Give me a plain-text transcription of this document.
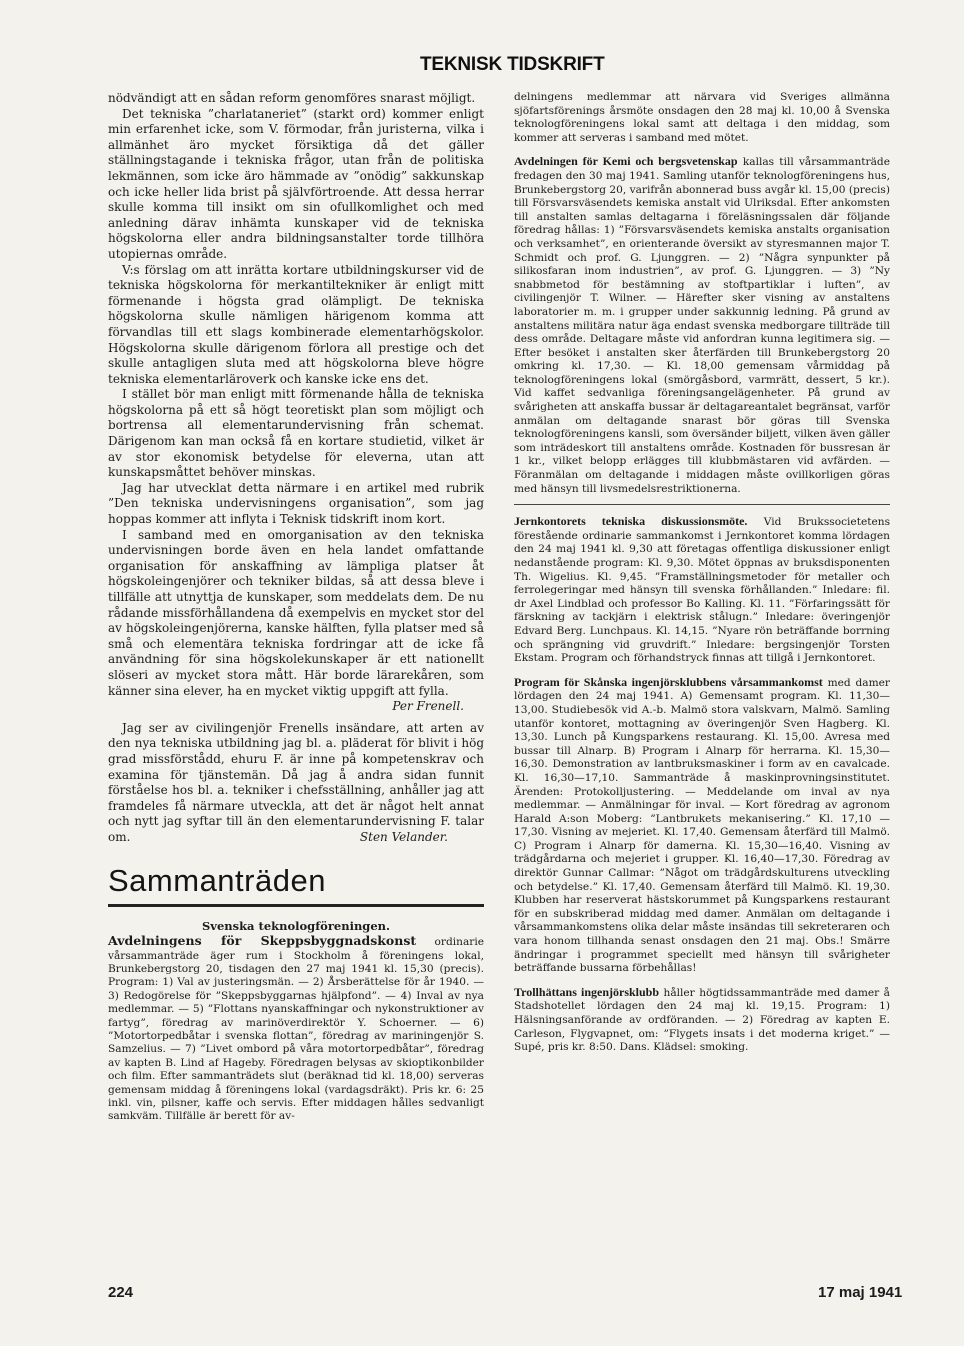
TEKNISK TIDSKRIFT

nödvändigt att en sådan reform genomföres snarast möjligt.

Det tekniska ”charlataneriet” (starkt ord) kommer enligt min erfarenhet icke, som V. förmodar, från juristerna, vilka i allmänhet äro mycket försiktiga då det gäller ställningstagande i tekniska frågor, utan från de politiska lekmännen, som icke äro hämmade av ”onödig” sakkunskap och icke heller lida brist på självförtroende. Att dessa herrar skulle komma till insikt om sin ofullkomlighet och med anledning därav inhämta kunskaper vid de tekniska högskolorna eller andra bildningsanstalter torde tillhöra utopiernas område.

V:s förslag om att inrätta kortare utbildningskurser vid de tekniska högskolorna för merkantiltekniker är enligt mitt förmenande i högsta grad olämpligt. De tekniska högskolorna skulle nämligen härigenom komma att förvandlas till ett slags kombinerade elementarhögskolor. Högskolorna skulle därigenom förlora all prestige och det skulle antagligen sluta med att högskolorna bleve högre tekniska elementarläroverk och kanske icke ens det.

I stället bör man enligt mitt förmenande hålla de tekniska högskolorna på ett så högt teoretiskt plan som möjligt och bortrensa all elementarundervisning från schemat. Därigenom kan man också få en kortare studietid, vilket är av stor ekonomisk betydelse för eleverna, utan att kunskapsmåttet behöver minskas.

Jag har utvecklat detta närmare i en artikel med rubrik ”Den tekniska undervisningens organisation”, som jag hoppas kommer att inflyta i Teknisk tidskrift inom kort.

I samband med en omorganisation av den tekniska undervisningen borde även en hela landet omfattande organisation för anskaffning av lämpliga platser åt högskoleingenjörer och tekniker bildas, så att dessa bleve i tillfälle att utnyttja de kunskaper, som meddelats dem. De nu rådande missförhållandena då exempelvis en mycket stor del av högskoleingenjörerna, kanske hälften, fylla platser med så små och elementära tekniska fordringar att de icke få användning för sina högskolekunskaper är ett nationellt slöseri av mycket stora mått. Här borde lärarekåren, som känner sina elever, ha en mycket viktig uppgift att fylla.

Per Frenell.

Jag ser av civilingenjör Frenells insändare, att arten av den nya tekniska utbildning jag bl. a. pläderat för blivit i hög grad missförstådd, ehuru F. är inne på kompetenskrav och examina för tjänstemän. Då jag å andra sidan funnit förståelse hos bl. a. tekniker i chefsställning, anhåller jag att framdeles få närmare utveckla, att det är något helt annat och nytt jag syftar till än den elementarundervisning F. talar om.	Sten Velander.

Sammanträden
Svenska teknologföreningen.

Avdelningens för Skeppsbyggnadskonst ordinarie vårsammanträde äger rum i Stockholm å föreningens lokal, Brunkebergstorg 20, tisdagen den 27 maj 1941 kl. 15,30 (precis). Program: 1) Val av justeringsmän. — 2) Årsberättelse för år 1940. — 3) Redogörelse för ”Skeppsbyggarnas hjälpfond”. — 4) Inval av nya medlemmar. — 5) ”Flottans nyanskaffningar och nykonstruktioner av fartyg”, föredrag av marinöverdirektör Y. Schoerner. — 6) ”Motortorpedbåtar i svenska flottan”, föredrag av mariningenjör S. Samzelius. — 7) ”Livet ombord på våra motortorpedbåtar”, föredrag av kapten B. Lind af Hageby. Föredragen belysas av skioptikonbilder och film. Efter sammanträdets slut (beräknad tid kl. 18,00) serveras gemensam middag å föreningens lokal (vardagsdräkt). Pris kr. 6: 25 inkl. vin, pilsner, kaffe och servis. Efter middagen hålles sedvanligt samkväm. Tillfälle är berett för av-

delningens medlemmar att närvara vid Sveriges allmänna sjöfartsförenings årsmöte onsdagen den 28 maj kl. 10,00 å Svenska teknologföreningens lokal samt att deltaga i den middag, som kommer att serveras i samband med mötet.

Avdelningen för Kemi och bergsvetenskap kallas till vårsammanträde fredagen den 30 maj 1941. Samling utanför teknologföreningens hus, Brunkebergstorg 20, varifrån abonnerad buss avgår kl. 15,00 (precis) till Försvarsväsendets kemiska anstalt vid Ulriksdal. Efter ankomsten till anstalten samlas deltagarna i föreläsningssalen där följande föredrag hållas: 1) ”Försvarsväsendets kemiska anstalts organisation och verksamhet”, en orienterande översikt av styresmannen major T. Schmidt och prof. G. Ljunggren. — 2) ”Några synpunkter på silikosfaran inom industrien”, av prof. G. Ljunggren. — 3) ”Ny snabbmetod för bestämning av stoftpartiklar i luften”, av civilingenjör T. Wilner. — Härefter sker visning av anstaltens laboratorier m. m. i grupper under sakkunnig ledning. På grund av anstaltens militära natur äga endast svenska medborgare tillträde till dess område. Deltagare måste vid anfordran kunna legitimera sig. — Efter besöket i anstalten sker återfärden till Brunkebergstorg 20 omkring kl. 17,30. — Kl. 18,00 gemensam vårmiddag på teknologföreningens lokal (smörgåsbord, varmrätt, dessert, 5 kr.). Vid kaffet sedvanliga föreningsangelägenheter. På grund av svårigheten att anskaffa bussar är deltagareantalet begränsat, varför anmälan om deltagande snarast bör göras till Svenska teknologföreningens kansli, som översänder biljett, vilken även gäller som inträdeskort till anstaltens område. Kostnaden för bussresan är 1 kr., vilket belopp erlägges till klubbmästaren vid avfärden. — Föranmälan om deltagande i middagen måste ovillkorligen göras med hänsyn till livsmedelsrestriktionerna.

Jernkontorets tekniska diskussionsmöte. Vid Brukssocietetens förestående ordinarie sammankomst i Jernkontoret komma lördagen den 24 maj 1941 kl. 9,30 att företagas offentliga diskussioner enligt nedanstående program: Kl. 9,30. Mötet öppnas av bruksdisponenten Th. Wigelius. Kl. 9,45. ”Framställningsmetoder för metaller och ferrolegeringar med hänsyn till svenska förhållanden.” Inledare: fil. dr Axel Lindblad och professor Bo Kalling. Kl. 11. ”Förfaringssätt för färskning av tackjärn i elektrisk stålugn.” Inledare: överingenjör Edvard Berg. Lunchpaus. Kl. 14,15. ”Nyare rön beträffande borrning och sprängning vid gruvdrift.” Inledare: bergsingenjör Torsten Ekstam. Program och förhandstryck finnas att tillgå i Jernkontoret.

Program för Skånska ingenjörsklubbens vårsammankomst med damer lördagen den 24 maj 1941. A) Gemensamt program. Kl. 11,30—13,00. Studiebesök vid A.-b. Malmö stora valskvarn, Malmö. Samling utanför kontoret, mottagning av överingenjör Sven Hagberg. Kl. 13,30. Lunch på Kungsparkens restaurang. Kl. 15,00. Avresa med bussar till Alnarp. B) Program i Alnarp för herrarna. Kl. 15,30—16,30. Demonstration av lantbruksmaskiner i form av en cavalcade. Kl. 16,30—17,10. Sammanträde å maskinprovningsinstitutet. Ärenden: Protokolljustering. — Meddelande om inval av nya medlemmar. — Anmälningar för inval. — Kort föredrag av agronom Harald A:son Moberg: ”Lantbrukets mekanisering.” Kl. 17,10 —17,30. Visning av mejeriet. Kl. 17,40. Gemensam återfärd till Malmö. C) Program i Alnarp för damerna. Kl. 15,30—16,40. Visning av trädgårdarna och mejeriet i grupper. Kl. 16,40—17,30. Föredrag av direktör Gunnar Callmar: ”Något om trädgårdskulturens utveckling och betydelse.” Kl. 17,40. Gemensam återfärd till Malmö. Kl. 19,30. Klubben har reserverat hästskorummet på Kungsparkens restaurant för en subskriberad middag med damer. Anmälan om deltagande i vårsammankomstens olika delar måste insändas till sekreteraren och vara honom tillhanda senast onsdagen den 21 maj. Obs.! Smärre ändringar i programmet speciellt med hänsyn till svårigheter beträffande bussarna förbehållas!

Trollhättans ingenjörsklubb håller högtidssammanträde med damer å Stadshotellet lördagen den 24 maj kl. 19,15. Program: 1) Hälsningsanförande av ordföranden. — 2) Föredrag av kapten E. Carleson, Flygvapnet, om: ”Flygets insats i det moderna kriget.” — Supé, pris kr. 8:50. Dans. Klädsel: smoking.

224	17 maj 1941
